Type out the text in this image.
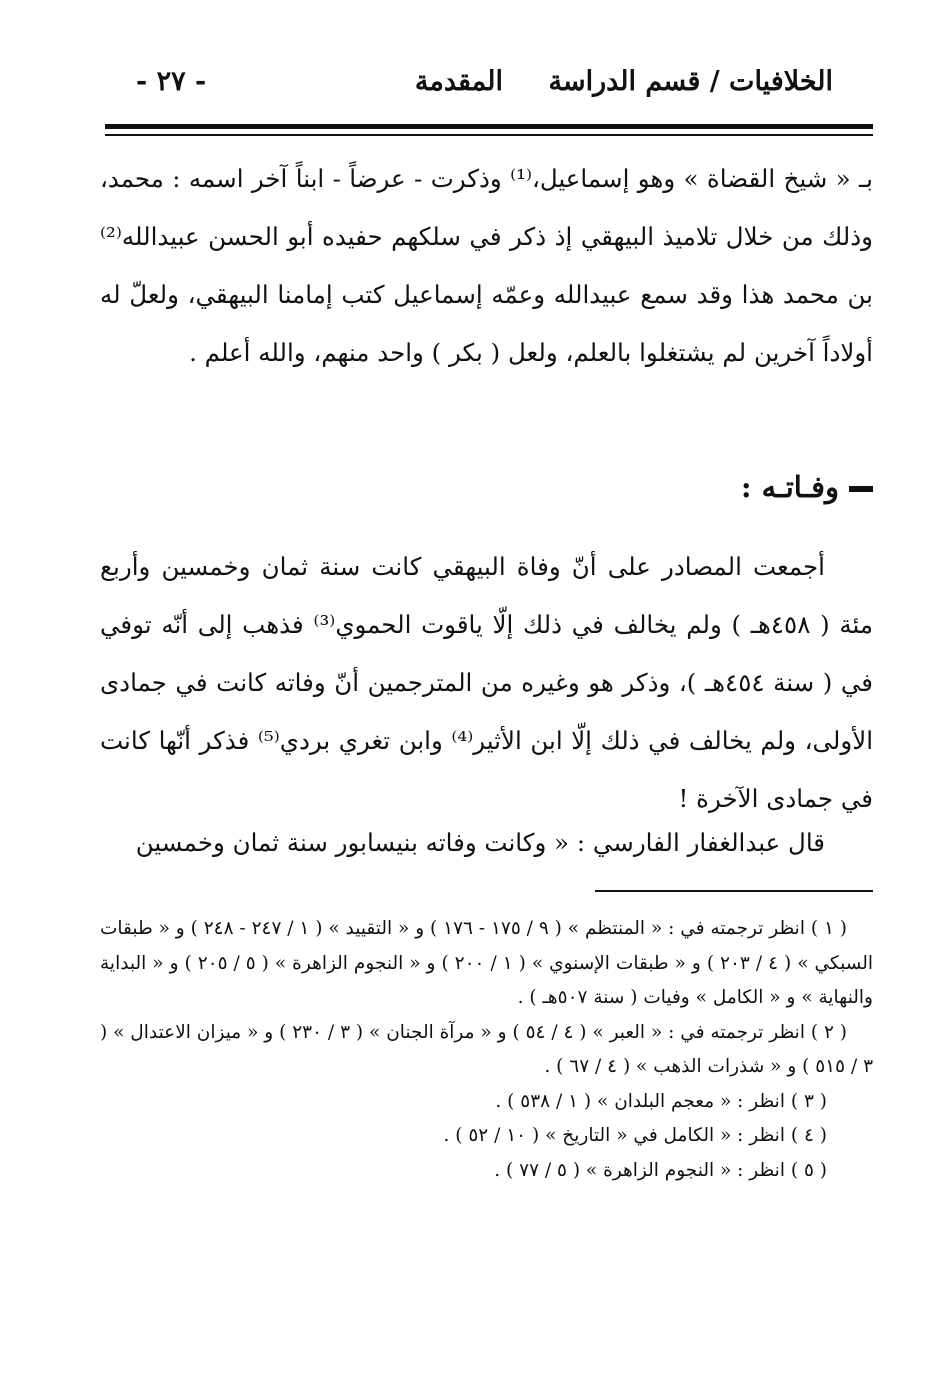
الخلافيات / قسم الدراسة
المقدمة
- ٢٧ -

بـ « شيخ القضاة » وهو إسماعيل،⁽¹⁾ وذكرت - عرضاً - ابناً آخر اسمه : محمد، وذلك من خلال تلاميذ البيهقي إذ ذكر في سلكهم حفيده أبو الحسن عبيدالله⁽²⁾ بن محمد هذا وقد سمع عبيدالله وعمّه إسماعيل كتب إمامنا البيهقي، ولعلّ له أولاداً آخرين لم يشتغلوا بالعلم، ولعل ( بكر ) واحد منهم، والله أعلم .

وفـاتـه :

أجمعت المصادر على أنّ وفاة البيهقي كانت سنة ثمان وخمسين وأربع مئة ( ٤٥٨هـ ) ولم يخالف في ذلك إلّا ياقوت الحموي⁽³⁾ فذهب إلى أنّه توفي في ( سنة ٤٥٤هـ )، وذكر هو وغيره من المترجمين أنّ وفاته كانت في جمادى الأولى، ولم يخالف في ذلك إلّا ابن الأثير⁽⁴⁾ وابن تغري بردي⁽⁵⁾ فذكر أنّها كانت في جمادى الآخرة !

قال عبدالغفار الفارسي : « وكانت وفاته بنيسابور سنة ثمان وخمسين

( ١ ) انظر ترجمته في : « المنتظم » ( ٩ / ١٧٥ - ١٧٦ ) و « التقييد » ( ١ / ٢٤٧ - ٢٤٨ ) و « طبقات السبكي » ( ٤ / ٢٠٣ ) و « طبقات الإسنوي » ( ١ / ٢٠٠ ) و « النجوم الزاهرة » ( ٥ / ٢٠٥ ) و « البداية والنهاية » و « الكامل » وفيات ( سنة ٥٠٧هـ ) .

( ٢ ) انظر ترجمته في : « العبر » ( ٤ / ٥٤ ) و « مرآة الجنان » ( ٣ / ٢٣٠ ) و « ميزان الاعتدال » ( ٣ / ٥١٥ ) و « شذرات الذهب » ( ٤ / ٦٧ ) .

( ٣ ) انظر : « معجم البلدان » ( ١ / ٥٣٨ ) .

( ٤ ) انظر : « الكامل في « التاريخ » ( ١٠ / ٥٢ ) .

( ٥ ) انظر : « النجوم الزاهرة » ( ٥ / ٧٧ ) .
